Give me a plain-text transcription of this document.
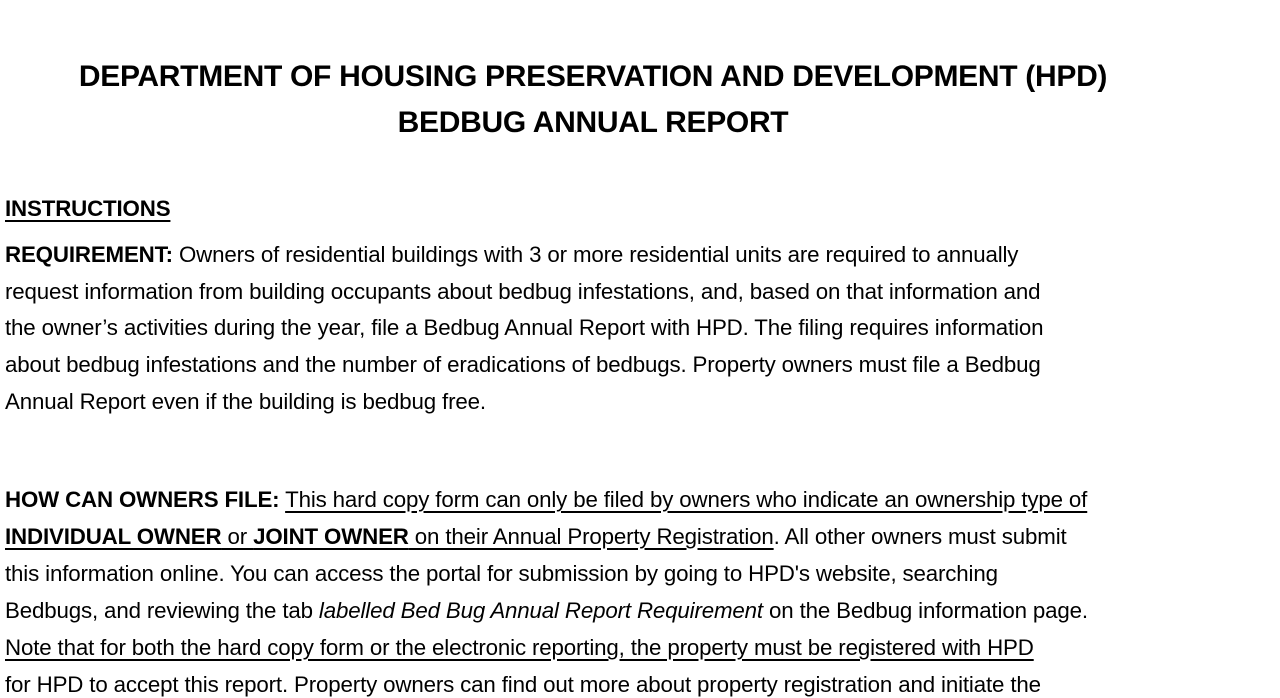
DEPARTMENT OF HOUSING PRESERVATION AND DEVELOPMENT (HPD)
BEDBUG ANNUAL REPORT
INSTRUCTIONS
REQUIREMENT: Owners of residential buildings with 3 or more residential units are required to annually
request information from building occupants about bedbug infestations, and, based on that information and
the owner’s activities during the year, file a Bedbug Annual Report with HPD. The filing requires information
about bedbug infestations and the number of eradications of bedbugs. Property owners must file a Bedbug
Annual Report even if the building is bedbug free.
HOW CAN OWNERS FILE: This hard copy form can only be filed by owners who indicate an ownership type of
INDIVIDUAL OWNER or JOINT OWNER on their Annual Property Registration. All other owners must submit
this information online. You can access the portal for submission by going to HPD's website, searching
Bedbugs, and reviewing the tab labelled Bed Bug Annual Report Requirement on the Bedbug information page.
Note that for both the hard copy form or the electronic reporting, the property must be registered with HPD
for HPD to accept this report. Property owners can find out more about property registration and initiate the
